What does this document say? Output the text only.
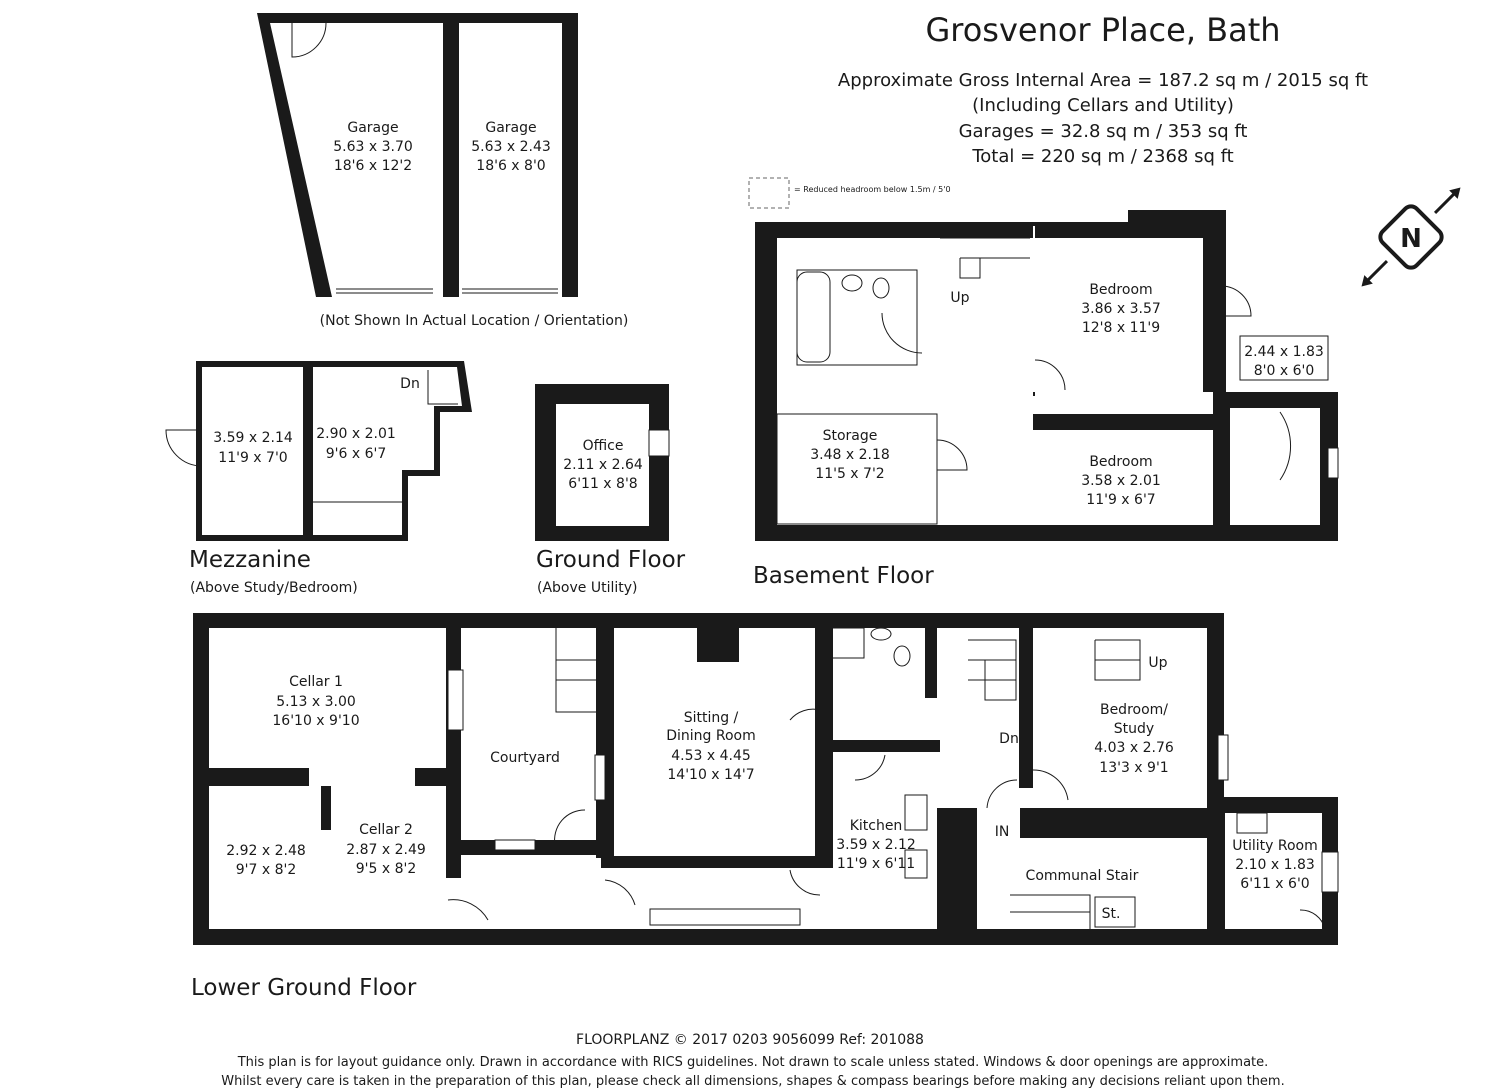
Grosvenor Place, Bath
Approximate Gross Internal Area = 187.2 sq m / 2015 sq ft
(Including Cellars and Utility)
Garages = 32.8 sq m / 353 sq ft
Total = 220 sq m / 2368 sq ft
= Reduced headroom below 1.5m / 5'0
N
Garage
5.63 x 3.70
18'6 x 12'2
Garage
5.63 x 2.43
18'6 x 8'0
(Not Shown In Actual Location / Orientation)
3.59 x 2.14
11'9 x 7'0
2.90 x 2.01
9'6 x 6'7
Dn
Mezzanine
(Above Study/Bedroom)
Office
2.11 x 2.64
6'11 x 8'8
Ground Floor
(Above Utility)
Up	Bedroom
3.86 x 3.57
12'8 x 11'9
Bedroom
3.58 x 2.01
11'9 x 6'7
Storage
3.48 x 2.18
11'5 x 7'2
2.44 x 1.83
8'0 x 6'0
Basement Floor
Cellar 1
5.13 x 3.00
16'10 x 9'10
2.92 x 2.48
9'7 x 8'2
Cellar 2
2.87 x 2.49
9'5 x 8'2
Courtyard
Sitting /
Dining Room
4.53 x 4.45
14'10 x 14'7
Kitchen
3.59 x 2.12
11'9 x 6'11
Bedroom/
Study
4.03 x 2.76
13'3 x 9'1
Communal Stair
Utility Room
2.10 x 1.83
6'11 x 6'0
Up
Dn
IN
St.
Lower Ground Floor
FLOORPLANZ © 2017 0203 9056099 Ref: 201088
This plan is for layout guidance only. Drawn in accordance with RICS guidelines. Not drawn to scale unless stated. Windows & door openings are approximate.
Whilst every care is taken in the preparation of this plan, please check all dimensions, shapes & compass bearings before making any decisions reliant upon them.
